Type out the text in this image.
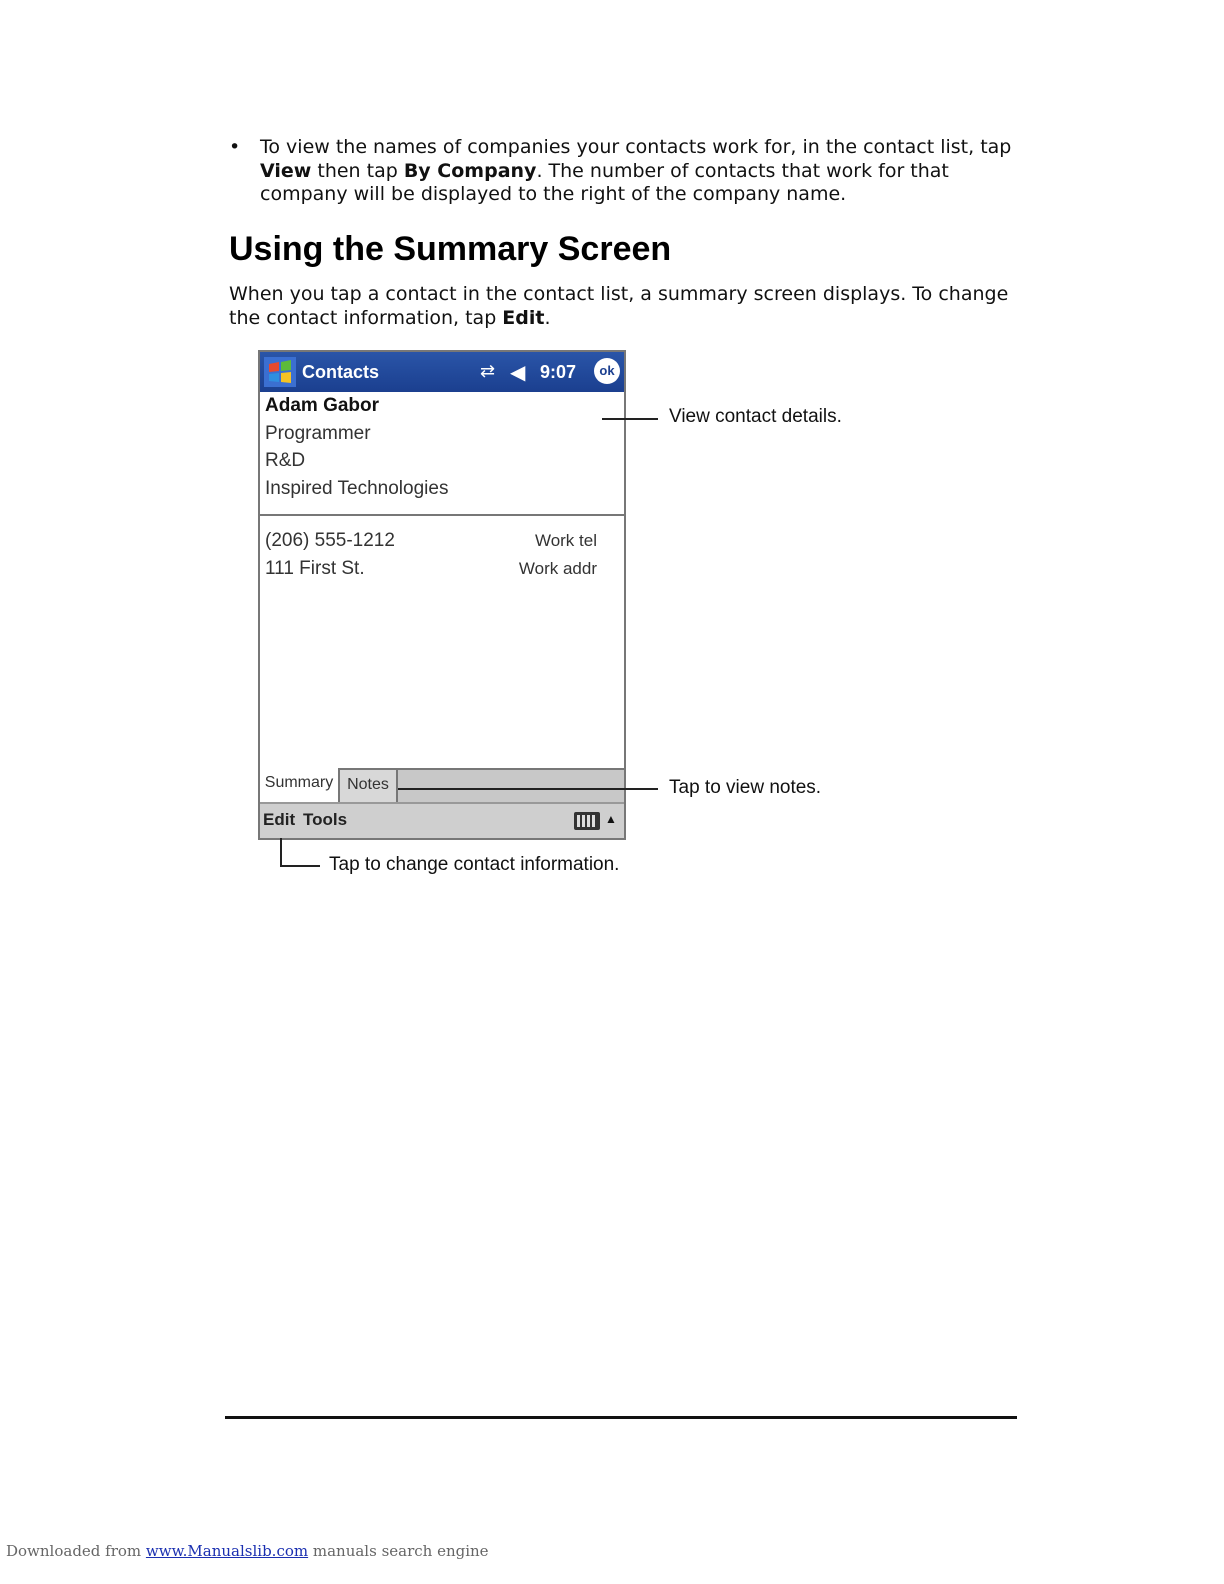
• To view the names of companies your contacts work for, in the contact list, tap View then tap By Company. The number of contacts that work for that company will be displayed to the right of the company name.
Using the Summary Screen
When you tap a contact in the contact list, a summary screen displays. To change the contact information, tap Edit.
Contacts	⇄ ◀ 9:07	ok
Adam Gabor
Programmer
R&D
Inspired Technologies
(206) 555-1212	Work tel
111 First St.	Work addr
Summary Notes
Edit Tools	▲
View contact details.
Tap to view notes.
Tap to change contact information.
Downloaded from www.Manualslib.com manuals search engine
